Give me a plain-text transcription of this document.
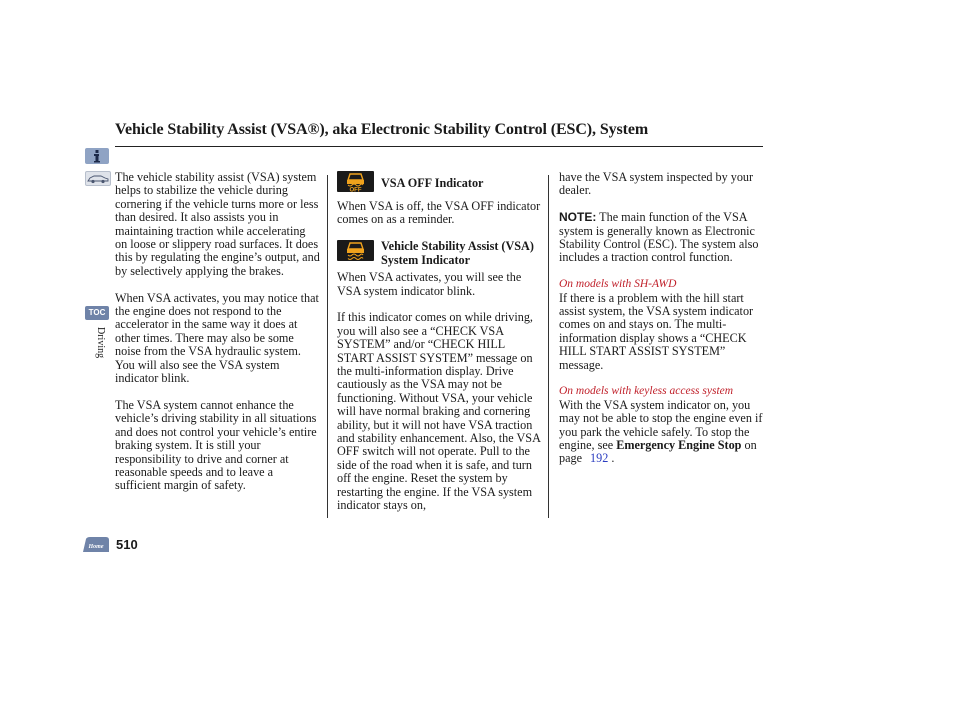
Vehicle Stability Assist (VSA®), aka Electronic Stability Control (ESC), System
TOC
Driving
Home 510

The vehicle stability assist (VSA) system helps to stabilize the vehicle during cornering if the vehicle turns more or less than desired. It also assists you in maintaining traction while accelerating on loose or slippery road surfaces. It does this by regulating the engine’s output, and by selectively applying the brakes.

When VSA activates, you may notice that the engine does not respond to the accelerator in the same way it does at other times. There may also be some noise from the VSA hydraulic system. You will also see the VSA system indicator blink.

The VSA system cannot enhance the vehicle’s driving stability in all situations and does not control your vehicle’s entire braking system. It is still your responsibility to drive and corner at reasonable speeds and to leave a sufficient margin of safety.

OFF
VSA OFF Indicator

When VSA is off, the VSA OFF indicator comes on as a reminder.

Vehicle Stability Assist (VSA) System Indicator

When VSA activates, you will see the VSA system indicator blink.

If this indicator comes on while driving, you will also see a “CHECK VSA SYSTEM” and/or “CHECK HILL START ASSIST SYSTEM” message on the multi-information display. Drive cautiously as the VSA may not be functioning. Without VSA, your vehicle will have normal braking and cornering ability, but it will not have VSA traction and stability enhancement. Also, the VSA OFF switch will not operate. Pull to the side of the road when it is safe, and turn off the engine. Reset the system by restarting the engine. If the VSA system indicator stays on,

have the VSA system inspected by your dealer.

NOTE: The main function of the VSA system is generally known as Electronic Stability Control (ESC). The system also includes a traction control function.

On models with SH-AWD
If there is a problem with the hill start assist system, the VSA system indicator comes on and stays on. The multi-information display shows a “CHECK HILL START ASSIST SYSTEM” message.

On models with keyless access system
With the VSA system indicator on, you may not be able to stop the engine even if you park the vehicle safely. To stop the engine, see Emergency Engine Stop on
page 192 .
